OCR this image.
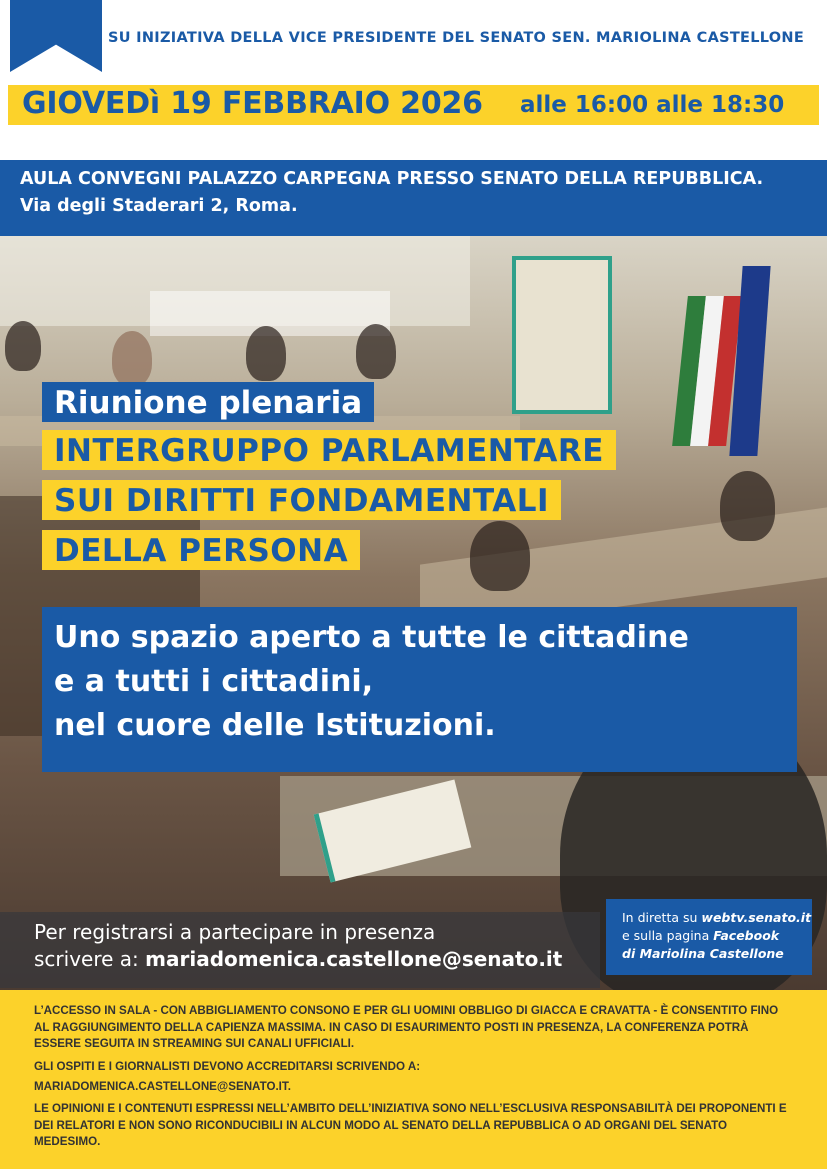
SU INIZIATIVA DELLA VICE PRESIDENTE DEL SENATO SEN. MARIOLINA CASTELLONE
GIOVEDì 19 FEBBRAIO 2026 alle 16:00 alle 18:30
AULA CONVEGNI PALAZZO CARPEGNA PRESSO SENATO DELLA REPUBBLICA.
Via degli Staderari 2, Roma.
Riunione plenaria
INTERGRUPPO PARLAMENTARE
SUI DIRITTI FONDAMENTALI
DELLA PERSONA
Uno spazio aperto a tutte le cittadine
e a tutti i cittadini,
nel cuore delle Istituzioni.
Per registrarsi a partecipare in presenza
scrivere a: mariadomenica.castellone@senato.it
In diretta su webtv.senato.it
e sulla pagina Facebook
di Mariolina Castellone
L’ACCESSO IN SALA - CON ABBIGLIAMENTO CONSONO E PER GLI UOMINI OBBLIGO DI GIACCA E CRAVATTA - È CONSENTITO FINO AL RAGGIUNGIMENTO DELLA CAPIENZA MASSIMA. IN CASO DI ESAURIMENTO POSTI IN PRESENZA, LA CONFERENZA POTRÀ ESSERE SEGUITA IN STREAMING SUI CANALI UFFICIALI.
GLI OSPITI E I GIORNALISTI DEVONO ACCREDITARSI SCRIVENDO A:
MARIADOMENICA.CASTELLONE@SENATO.IT.
LE OPINIONI E I CONTENUTI ESPRESSI NELL’AMBITO DELL’INIZIATIVA SONO NELL’ESCLUSIVA RESPONSABILITÀ DEI PROPONENTI E DEI RELATORI E NON SONO RICONDUCIBILI IN ALCUN MODO AL SENATO DELLA REPUBBLICA O AD ORGANI DEL SENATO MEDESIMO.
